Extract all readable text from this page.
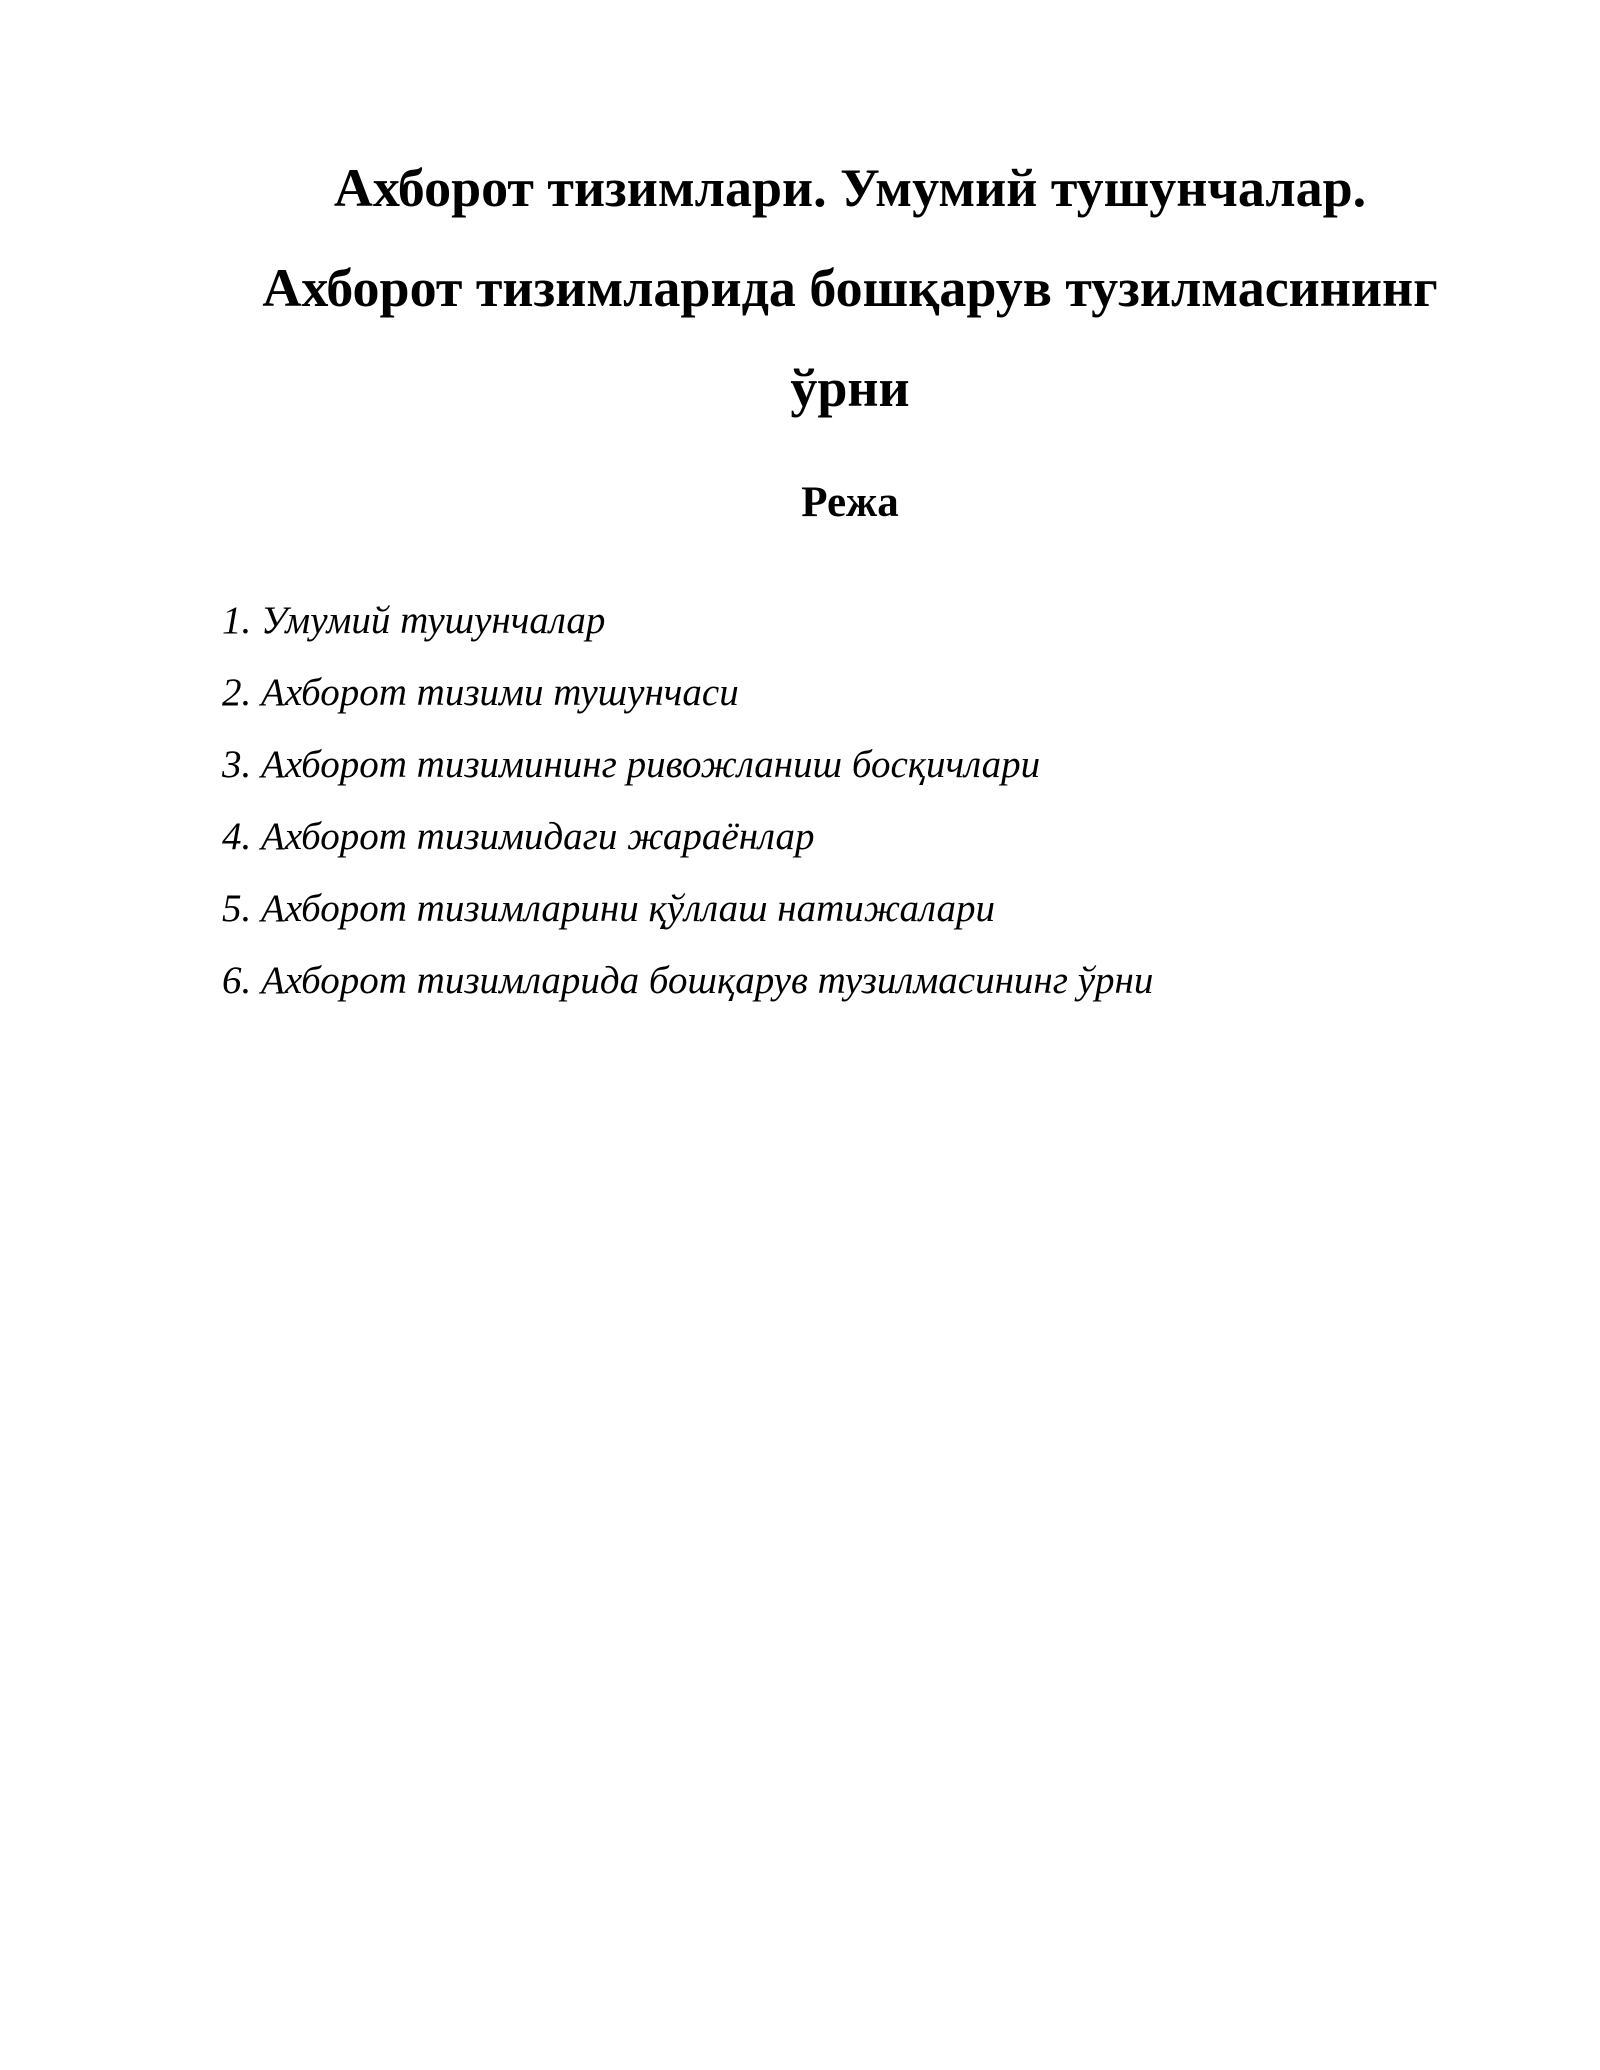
Ахборот тизимлари. Умумий тушунчалар.
Ахборот тизимларида бошқарув тузилмасининг
ўрни
Режа
1. Умумий тушунчалар
2. Ахборот тизими тушунчаси
3. Ахборот тизимининг ривожланиш босқичлари
4. Ахборот тизимидаги жараёнлар
5. Ахборот тизимларини қўллаш натижалари
6. Ахборот тизимларида бошқарув тузилмасининг ўрни
